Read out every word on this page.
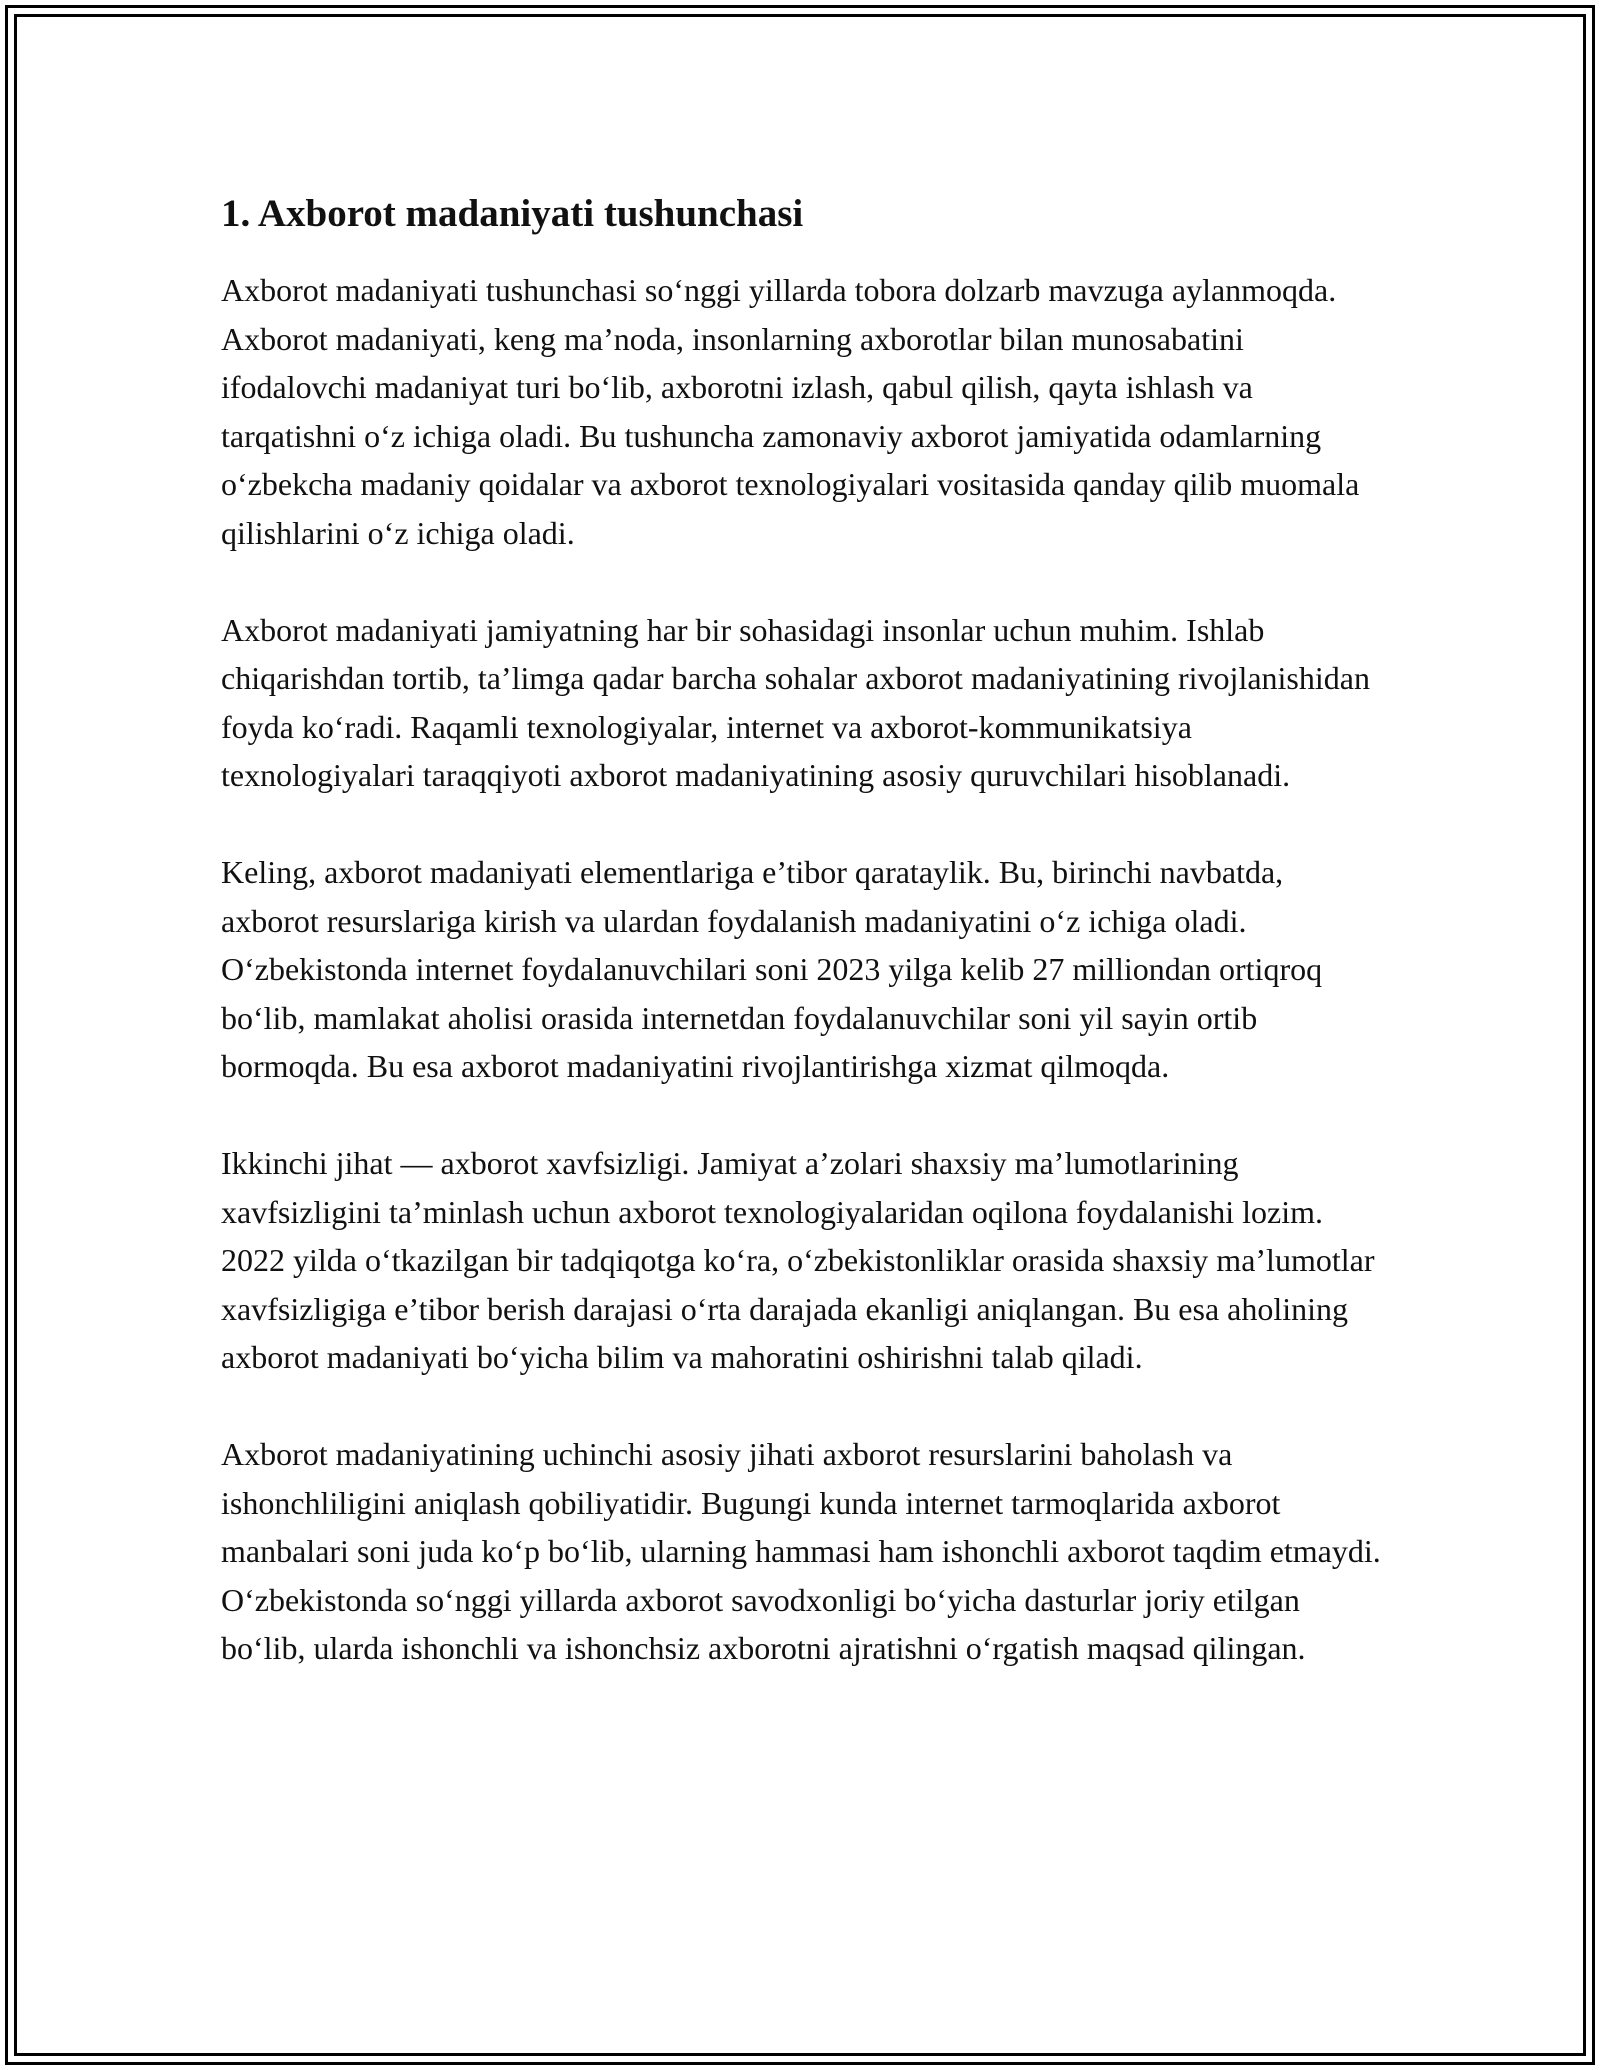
1. Axborot madaniyati tushunchasi

Axborot madaniyati tushunchasi so‘nggi yillarda tobora dolzarb mavzuga aylanmoqda. Axborot madaniyati, keng ma’noda, insonlarning axborotlar bilan munosabatini ifodalovchi madaniyat turi bo‘lib, axborotni izlash, qabul qilish, qayta ishlash va tarqatishni o‘z ichiga oladi. Bu tushuncha zamonaviy axborot jamiyatida odamlarning o‘zbekcha madaniy qoidalar va axborot texnologiyalari vositasida qanday qilib muomala qilishlarini o‘z ichiga oladi.

Axborot madaniyati jamiyatning har bir sohasidagi insonlar uchun muhim. Ishlab chiqarishdan tortib, ta’limga qadar barcha sohalar axborot madaniyatining rivojlanishidan foyda ko‘radi. Raqamli texnologiyalar, internet va axborot-kommunikatsiya texnologiyalari taraqqiyoti axborot madaniyatining asosiy quruvchilari hisoblanadi.

Keling, axborot madaniyati elementlariga e’tibor qarataylik. Bu, birinchi navbatda, axborot resurslariga kirish va ulardan foydalanish madaniyatini o‘z ichiga oladi. O‘zbekistonda internet foydalanuvchilari soni 2023 yilga kelib 27 milliondan ortiqroq bo‘lib, mamlakat aholisi orasida internetdan foydalanuvchilar soni yil sayin ortib bormoqda. Bu esa axborot madaniyatini rivojlantirishga xizmat qilmoqda.

Ikkinchi jihat — axborot xavfsizligi. Jamiyat a’zolari shaxsiy ma’lumotlarining xavfsizligini ta’minlash uchun axborot texnologiyalaridan oqilona foydalanishi lozim. 2022 yilda o‘tkazilgan bir tadqiqotga ko‘ra, o‘zbekistonliklar orasida shaxsiy ma’lumotlar xavfsizligiga e’tibor berish darajasi o‘rta darajada ekanligi aniqlangan. Bu esa aholining axborot madaniyati bo‘yicha bilim va mahoratini oshirishni talab qiladi.

Axborot madaniyatining uchinchi asosiy jihati axborot resurslarini baholash va ishonchliligini aniqlash qobiliyatidir. Bugungi kunda internet tarmoqlarida axborot manbalari soni juda ko‘p bo‘lib, ularning hammasi ham ishonchli axborot taqdim etmaydi. O‘zbekistonda so‘nggi yillarda axborot savodxonligi bo‘yicha dasturlar joriy etilgan bo‘lib, ularda ishonchli va ishonchsiz axborotni ajratishni o‘rgatish maqsad qilingan.
